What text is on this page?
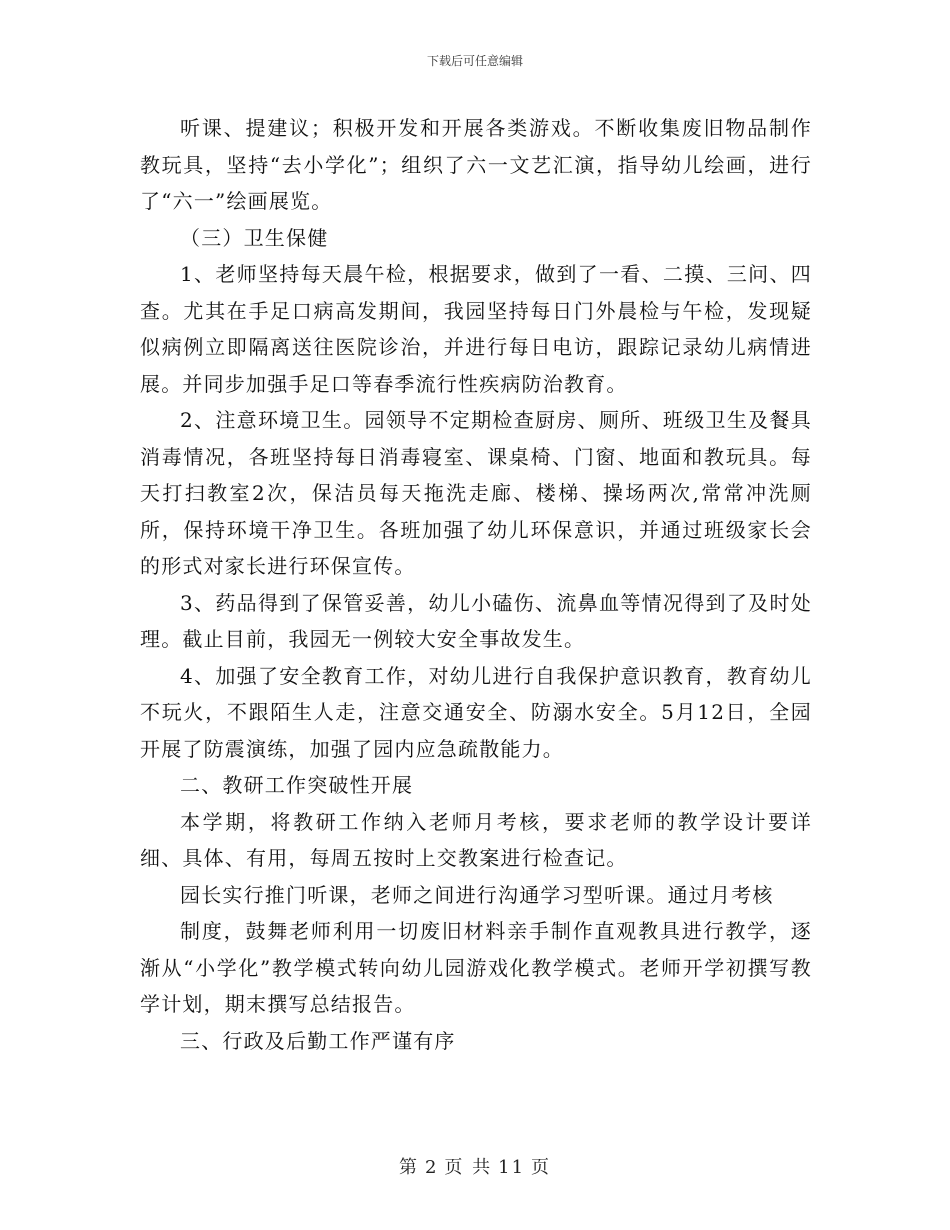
下载后可任意编辑

听课、提建议；积极开发和开展各类游戏。不断收集废旧物品制作教玩具，坚持“去小学化”；组织了六一文艺汇演，指导幼儿绘画，进行了“六一”绘画展览。

（三）卫生保健

1、老师坚持每天晨午检，根据要求，做到了一看、二摸、三问、四查。尤其在手足口病高发期间，我园坚持每日门外晨检与午检，发现疑似病例立即隔离送往医院诊治，并进行每日电访，跟踪记录幼儿病情进展。并同步加强手足口等春季流行性疾病防治教育。

2、注意环境卫生。园领导不定期检查厨房、厕所、班级卫生及餐具消毒情况，各班坚持每日消毒寝室、课桌椅、门窗、地面和教玩具。每天打扫教室2次，保洁员每天拖洗走廊、楼梯、操场两次,常常冲洗厕所，保持环境干净卫生。各班加强了幼儿环保意识，并通过班级家长会的形式对家长进行环保宣传。

3、药品得到了保管妥善，幼儿小磕伤、流鼻血等情况得到了及时处理。截止目前，我园无一例较大安全事故发生。

4、加强了安全教育工作，对幼儿进行自我保护意识教育，教育幼儿不玩火，不跟陌生人走，注意交通安全、防溺水安全。5月12日，全园开展了防震演练，加强了园内应急疏散能力。

二、教研工作突破性开展

本学期，将教研工作纳入老师月考核，要求老师的教学设计要详细、具体、有用，每周五按时上交教案进行检查记。

园长实行推门听课，老师之间进行沟通学习型听课。通过月考核

制度，鼓舞老师利用一切废旧材料亲手制作直观教具进行教学，逐渐从“小学化”教学模式转向幼儿园游戏化教学模式。老师开学初撰写教学计划，期末撰写总结报告。

三、行政及后勤工作严谨有序

第 2 页 共 11 页
